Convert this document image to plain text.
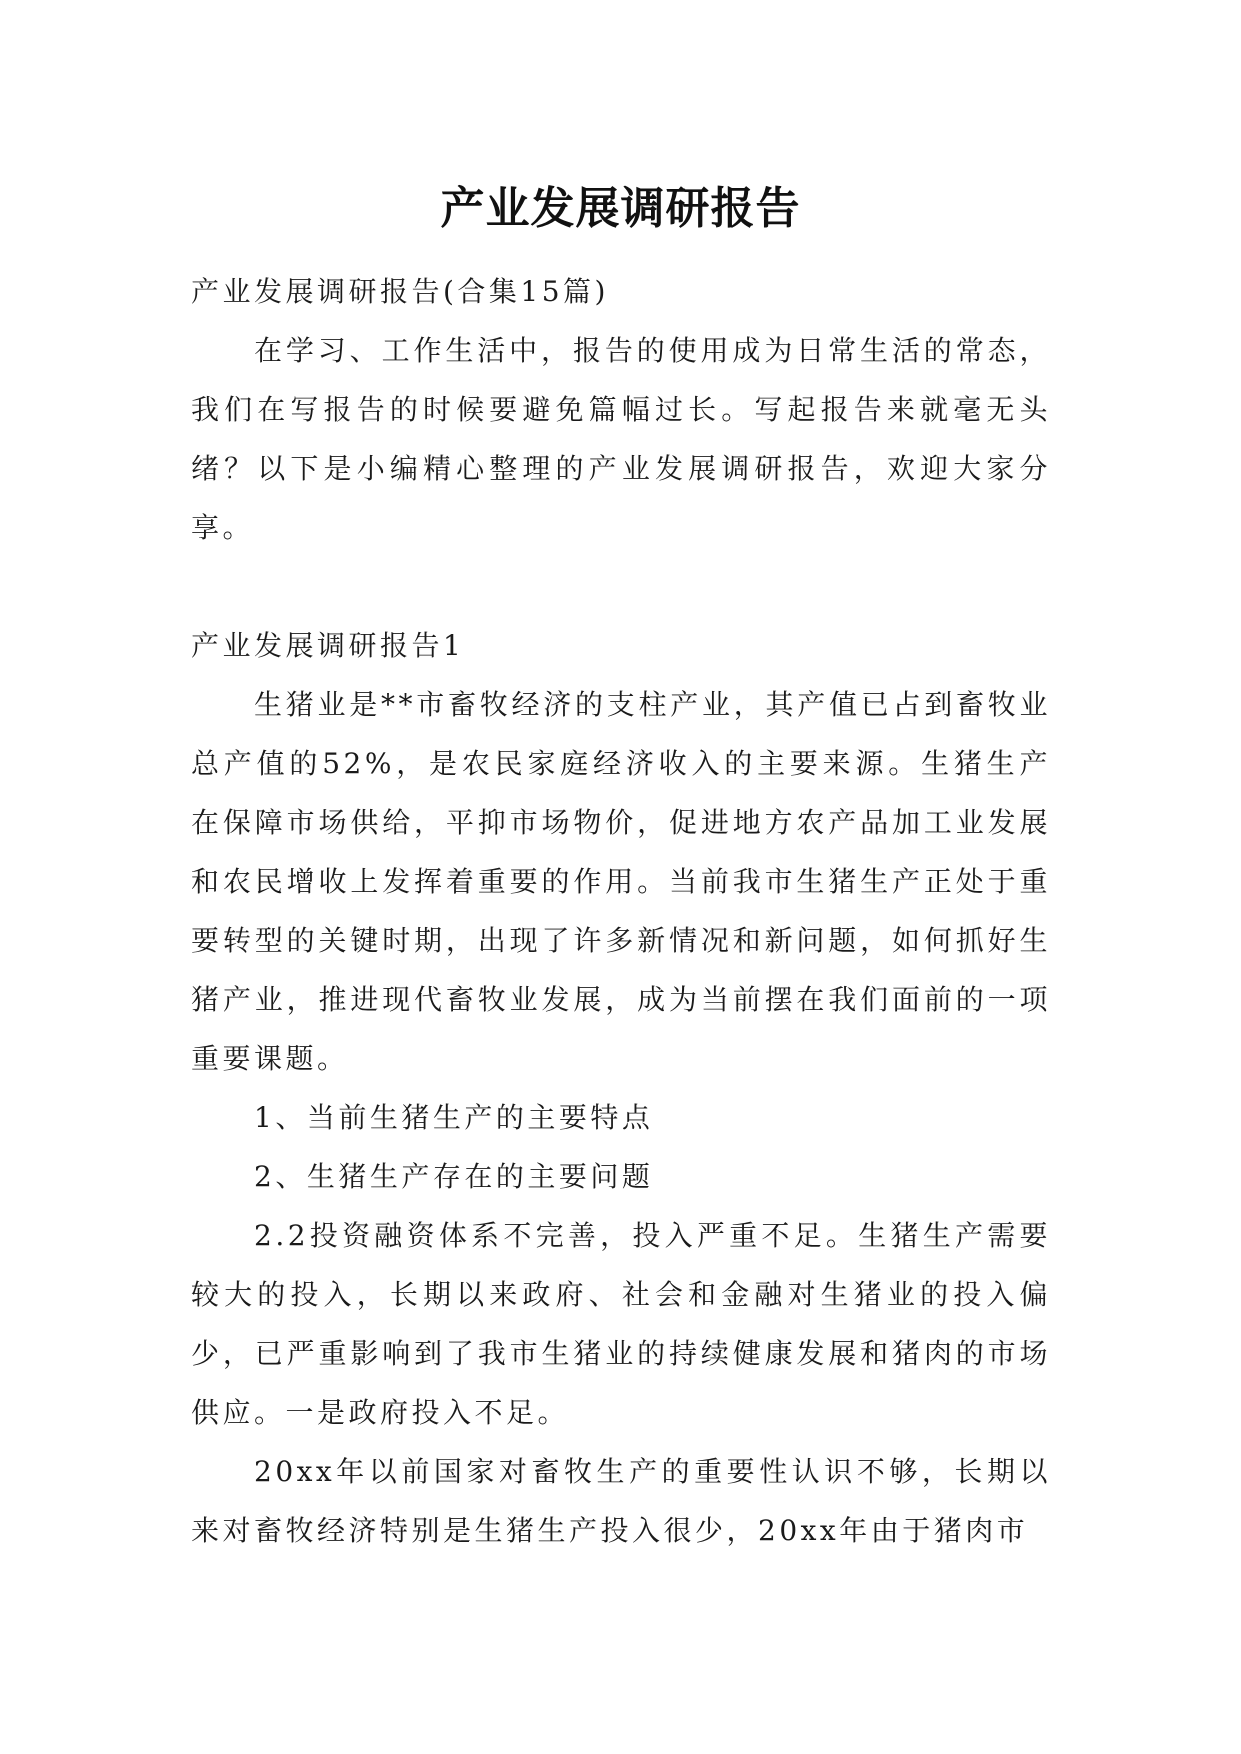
产业发展调研报告

产业发展调研报告(合集15篇)

在学习、工作生活中，报告的使用成为日常生活的常态，我们在写报告的时候要避免篇幅过长。写起报告来就毫无头绪？以下是小编精心整理的产业发展调研报告，欢迎大家分享。

产业发展调研报告1

生猪业是**市畜牧经济的支柱产业，其产值已占到畜牧业总产值的52%，是农民家庭经济收入的主要来源。生猪生产在保障市场供给，平抑市场物价，促进地方农产品加工业发展和农民增收上发挥着重要的作用。当前我市生猪生产正处于重要转型的关键时期，出现了许多新情况和新问题，如何抓好生猪产业，推进现代畜牧业发展，成为当前摆在我们面前的一项重要课题。

1、当前生猪生产的主要特点

2、生猪生产存在的主要问题

2.2投资融资体系不完善，投入严重不足。生猪生产需要较大的投入，长期以来政府、社会和金融对生猪业的投入偏少，已严重影响到了我市生猪业的持续健康发展和猪肉的市场供应。一是政府投入不足。

20xx年以前国家对畜牧生产的重要性认识不够，长期以来对畜牧经济特别是生猪生产投入很少，20xx年由于猪肉市
